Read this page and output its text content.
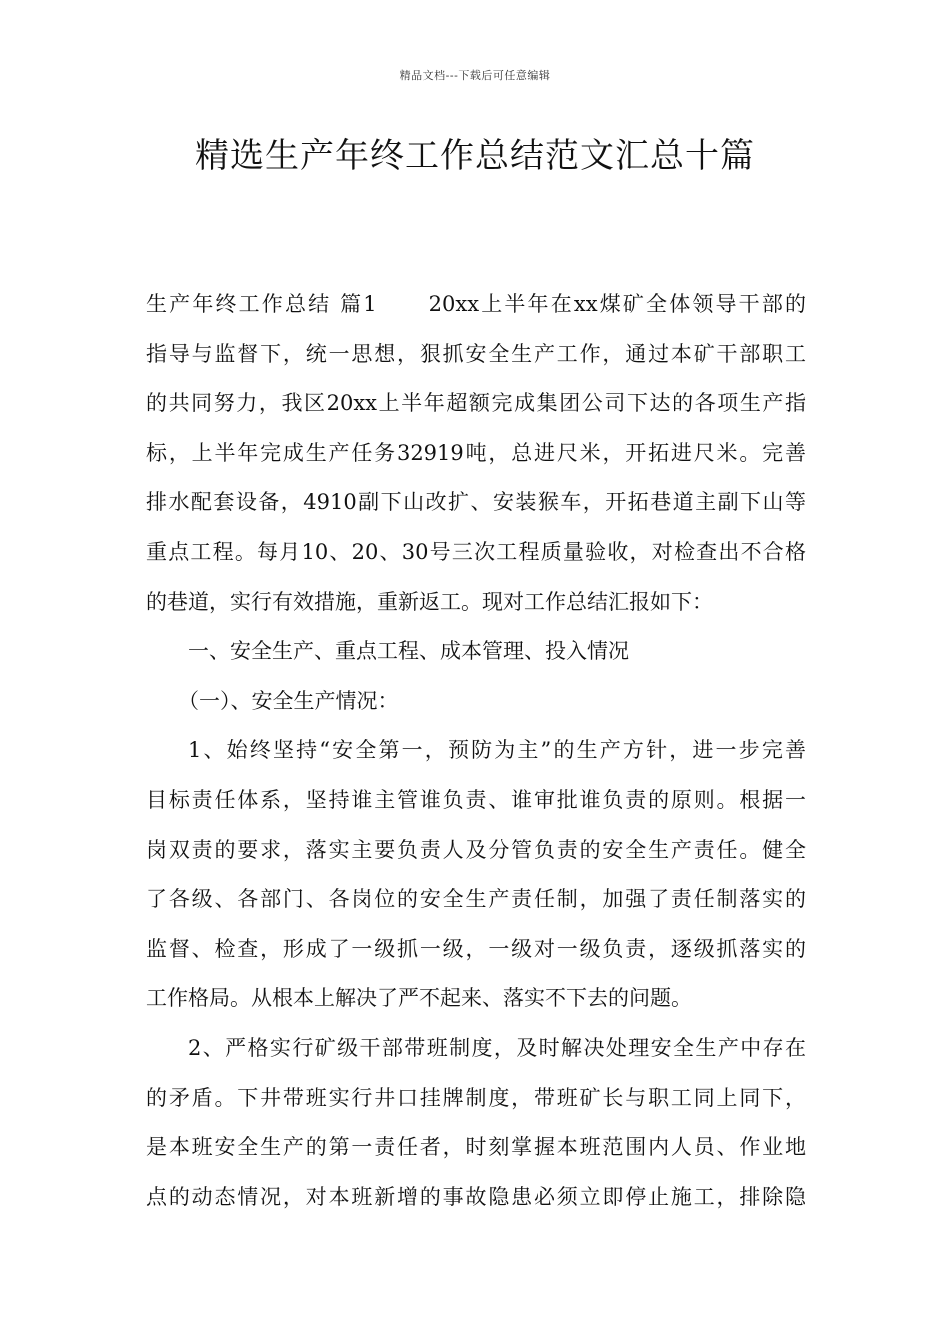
精品文档---下载后可任意编辑
精选生产年终工作总结范文汇总十篇
生产年终工作总结 篇1 20xx上半年在xx煤矿全体领导干部的
指导与监督下，统一思想，狠抓安全生产工作，通过本矿干部职工
的共同努力，我区20xx上半年超额完成集团公司下达的各项生产指
标，上半年完成生产任务32919吨，总进尺米，开拓进尺米。完善
排水配套设备，4910副下山改扩、安装猴车，开拓巷道主副下山等
重点工程。每月10、20、30号三次工程质量验收，对检查出不合格
的巷道，实行有效措施，重新返工。现对工作总结汇报如下：
一、安全生产、重点工程、成本管理、投入情况
（一）、安全生产情况：
1、始终坚持“安全第一，预防为主”的生产方针，进一步完善
目标责任体系，坚持谁主管谁负责、谁审批谁负责的原则。根据一
岗双责的要求，落实主要负责人及分管负责的安全生产责任。健全
了各级、各部门、各岗位的安全生产责任制，加强了责任制落实的
监督、检查，形成了一级抓一级，一级对一级负责，逐级抓落实的
工作格局。从根本上解决了严不起来、落实不下去的问题。
2、严格实行矿级干部带班制度，及时解决处理安全生产中存在
的矛盾。下井带班实行井口挂牌制度，带班矿长与职工同上同下，
是本班安全生产的第一责任者，时刻掌握本班范围内人员、作业地
点的动态情况，对本班新增的事故隐患必须立即停止施工，排除隐
